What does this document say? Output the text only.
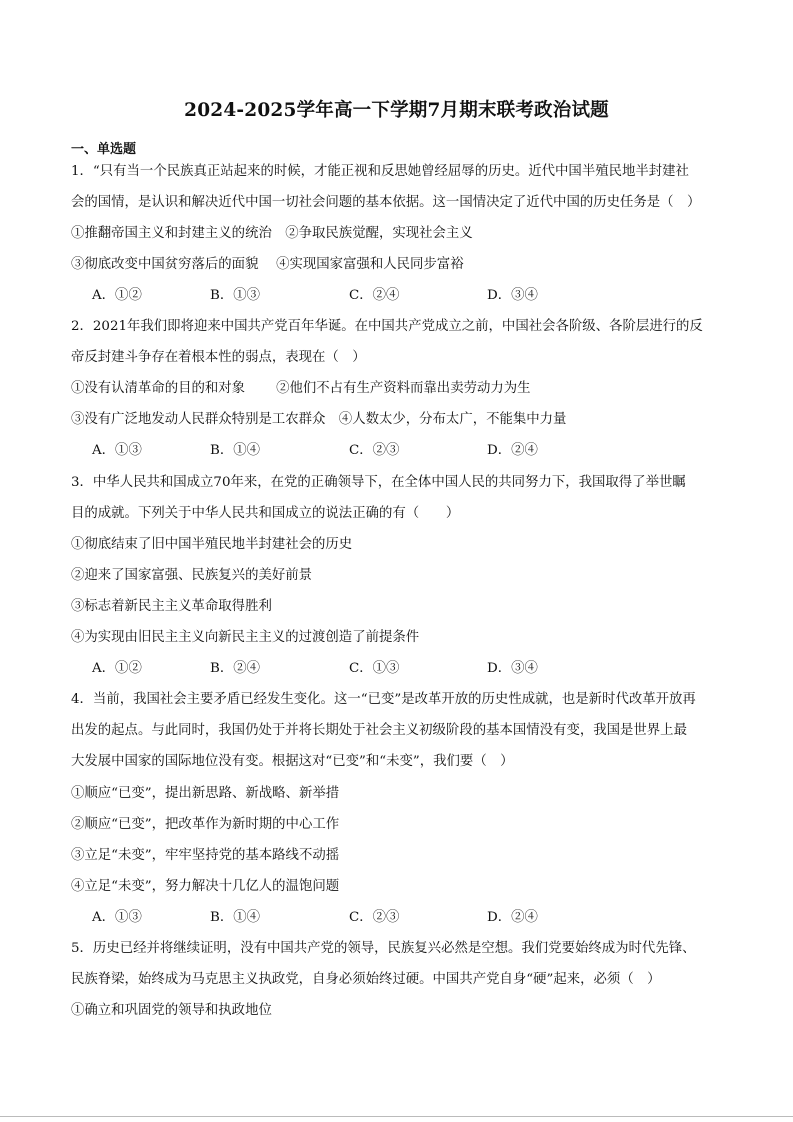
2024-2025学年高一下学期7月期末联考政治试题
一、单选题
1．“只有当一个民族真正站起来的时候，才能正视和反思她曾经屈辱的历史。近代中国半殖民地半封建社
会的国情，是认识和解决近代中国一切社会问题的基本依据。这一国情决定了近代中国的历史任务是（　）
①推翻帝国主义和封建主义的统治　②争取民族觉醒，实现社会主义
③彻底改变中国贫穷落后的面貌　 ④实现国家富强和人民同步富裕
A．①②	B．①③	C．②④	D．③④
2．2021年我们即将迎来中国共产党百年华诞。在中国共产党成立之前，中国社会各阶级、各阶层进行的反
帝反封建斗争存在着根本性的弱点，表现在（　）
①没有认清革命的目的和对象　　 ②他们不占有生产资料而靠出卖劳动力为生
③没有广泛地发动人民群众特别是工农群众　④人数太少，分布太广，不能集中力量
A．①③	B．①④	C．②③	D．②④
3．中华人民共和国成立70年来，在党的正确领导下，在全体中国人民的共同努力下，我国取得了举世瞩
目的成就。下列关于中华人民共和国成立的说法正确的有（　　）
①彻底结束了旧中国半殖民地半封建社会的历史
②迎来了国家富强、民族复兴的美好前景
③标志着新民主主义革命取得胜利
④为实现由旧民主主义向新民主主义的过渡创造了前提条件
A．①②	B．②④	C．①③	D．③④
4．当前，我国社会主要矛盾已经发生变化。这一“已变”是改革开放的历史性成就，也是新时代改革开放再
出发的起点。与此同时，我国仍处于并将长期处于社会主义初级阶段的基本国情没有变，我国是世界上最
大发展中国家的国际地位没有变。根据这对“已变”和“未变”，我们要（　）
①顺应“已变”，提出新思路、新战略、新举措
②顺应“已变”，把改革作为新时期的中心工作
③立足“未变”，牢牢坚持党的基本路线不动摇
④立足“未变”，努力解决十几亿人的温饱问题
A．①③	B．①④	C．②③	D．②④
5．历史已经并将继续证明，没有中国共产党的领导，民族复兴必然是空想。我们党要始终成为时代先锋、
民族脊梁，始终成为马克思主义执政党，自身必须始终过硬。中国共产党自身“硬”起来，必须（　）
①确立和巩固党的领导和执政地位
